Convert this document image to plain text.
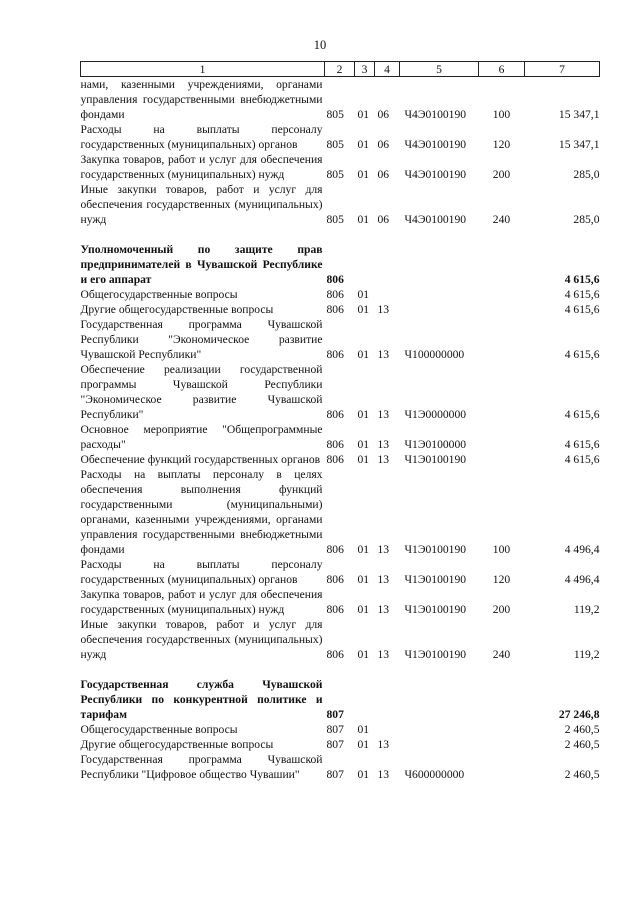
10
1	2	3	4	5	6	7
нами, казенными учреждениями, органами управления государственными внебюджетными фондами	805	01	06	Ч4Э0100190	100	15 347,1
Расходы на выплаты персоналу государственных (муниципальных) органов	805	01	06	Ч4Э0100190	120	15 347,1
Закупка товаров, работ и услуг для обеспечения государственных (муниципальных) нужд	805	01	06	Ч4Э0100190	200	285,0
Иные закупки товаров, работ и услуг для обеспечения государственных (муниципальных) нужд	805	01	06	Ч4Э0100190	240	285,0

Уполномоченный по защите прав предпринимателей в Чувашской Республике и его аппарат	806					4 615,6
Общегосударственные вопросы	806	01				4 615,6
Другие общегосударственные вопросы	806	01	13			4 615,6
Государственная программа Чувашской Республики "Экономическое развитие Чувашской Республики"	806	01	13	Ч100000000		4 615,6
Обеспечение реализации государственной программы Чувашской Республики "Экономическое развитие Чувашской Республики"	806	01	13	Ч1Э0000000		4 615,6
Основное мероприятие "Общепрограммные расходы"	806	01	13	Ч1Э0100000		4 615,6
Обеспечение функций государственных органов	806	01	13	Ч1Э0100190		4 615,6
Расходы на выплаты персоналу в целях обеспечения выполнения функций государственными (муниципальными) органами, казенными учреждениями, органами управления государственными внебюджетными фондами	806	01	13	Ч1Э0100190	100	4 496,4
Расходы на выплаты персоналу государственных (муниципальных) органов	806	01	13	Ч1Э0100190	120	4 496,4
Закупка товаров, работ и услуг для обеспечения государственных (муниципальных) нужд	806	01	13	Ч1Э0100190	200	119,2
Иные закупки товаров, работ и услуг для обеспечения государственных (муниципальных) нужд	806	01	13	Ч1Э0100190	240	119,2

Государственная служба Чувашской Республики по конкурентной политике и тарифам	807					27 246,8
Общегосударственные вопросы	807	01				2 460,5
Другие общегосударственные вопросы	807	01	13			2 460,5
Государственная программа Чувашской Республики "Цифровое общество Чувашии"	807	01	13	Ч600000000		2 460,5
